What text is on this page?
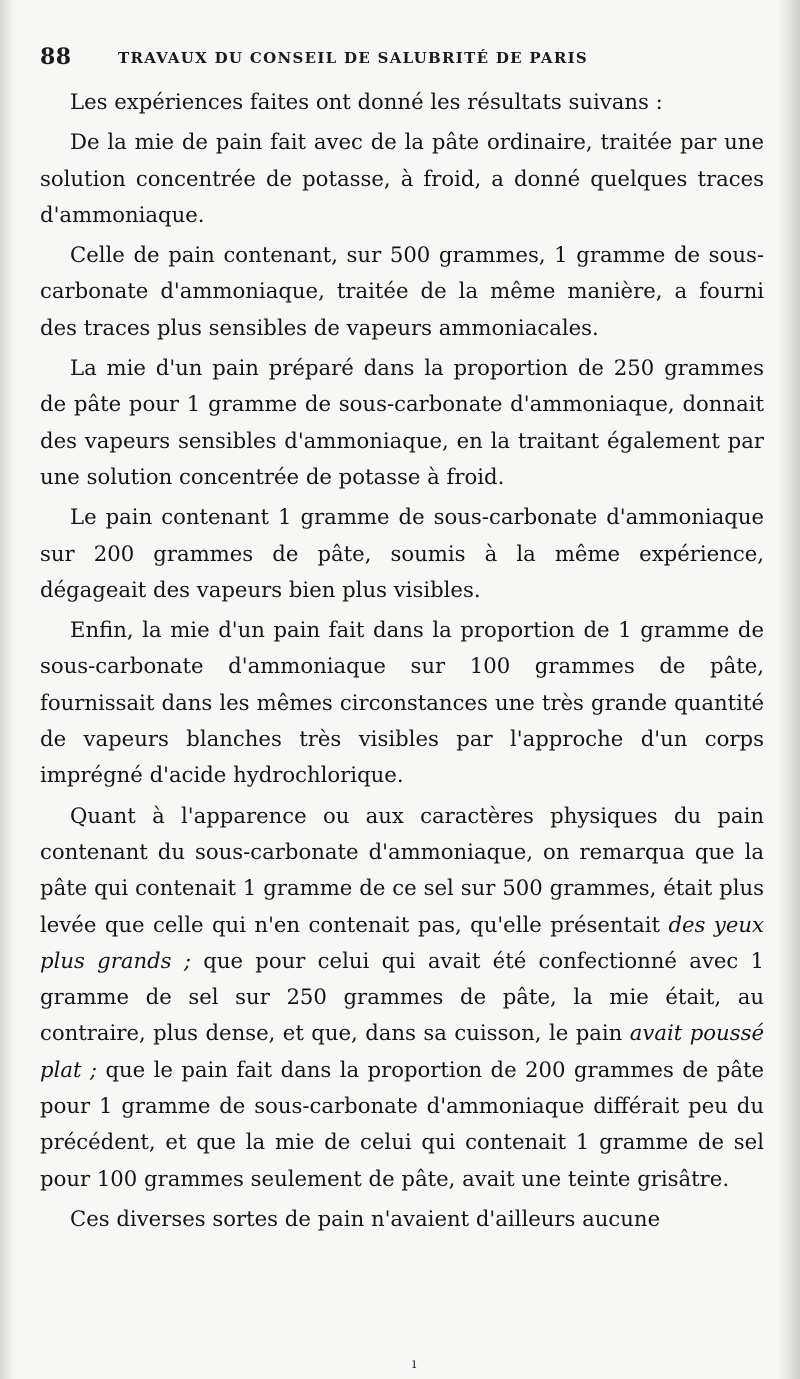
88	TRAVAUX DU CONSEIL DE SALUBRITÉ DE PARIS

Les expériences faites ont donné les résultats suivans :

De la mie de pain fait avec de la pâte ordinaire, traitée par une solution concentrée de potasse, à froid, a donné quelques traces d'ammoniaque.

Celle de pain contenant, sur 500 grammes, 1 gramme de sous-carbonate d'ammoniaque, traitée de la même manière, a fourni des traces plus sensibles de vapeurs ammoniacales.

La mie d'un pain préparé dans la proportion de 250 grammes de pâte pour 1 gramme de sous-carbonate d'ammoniaque, donnait des vapeurs sensibles d'ammoniaque, en la traitant également par une solution concentrée de potasse à froid.

Le pain contenant 1 gramme de sous-carbonate d'ammoniaque sur 200 grammes de pâte, soumis à la même expérience, dégageait des vapeurs bien plus visibles.

Enfin, la mie d'un pain fait dans la proportion de 1 gramme de sous-carbonate d'ammoniaque sur 100 grammes de pâte, fournissait dans les mêmes circonstances une très grande quantité de vapeurs blanches très visibles par l'approche d'un corps imprégné d'acide hydrochlorique.

Quant à l'apparence ou aux caractères physiques du pain contenant du sous-carbonate d'ammoniaque, on remarqua que la pâte qui contenait 1 gramme de ce sel sur 500 grammes, était plus levée que celle qui n'en contenait pas, qu'elle présentait des yeux plus grands ; que pour celui qui avait été confectionné avec 1 gramme de sel sur 250 grammes de pâte, la mie était, au contraire, plus dense, et que, dans sa cuisson, le pain avait poussé plat ; que le pain fait dans la proportion de 200 grammes de pâte pour 1 gramme de sous-carbonate d'ammoniaque différait peu du précédent, et que la mie de celui qui contenait 1 gramme de sel pour 100 grammes seulement de pâte, avait une teinte grisâtre.

Ces diverses sortes de pain n'avaient d'ailleurs aucune

ı
